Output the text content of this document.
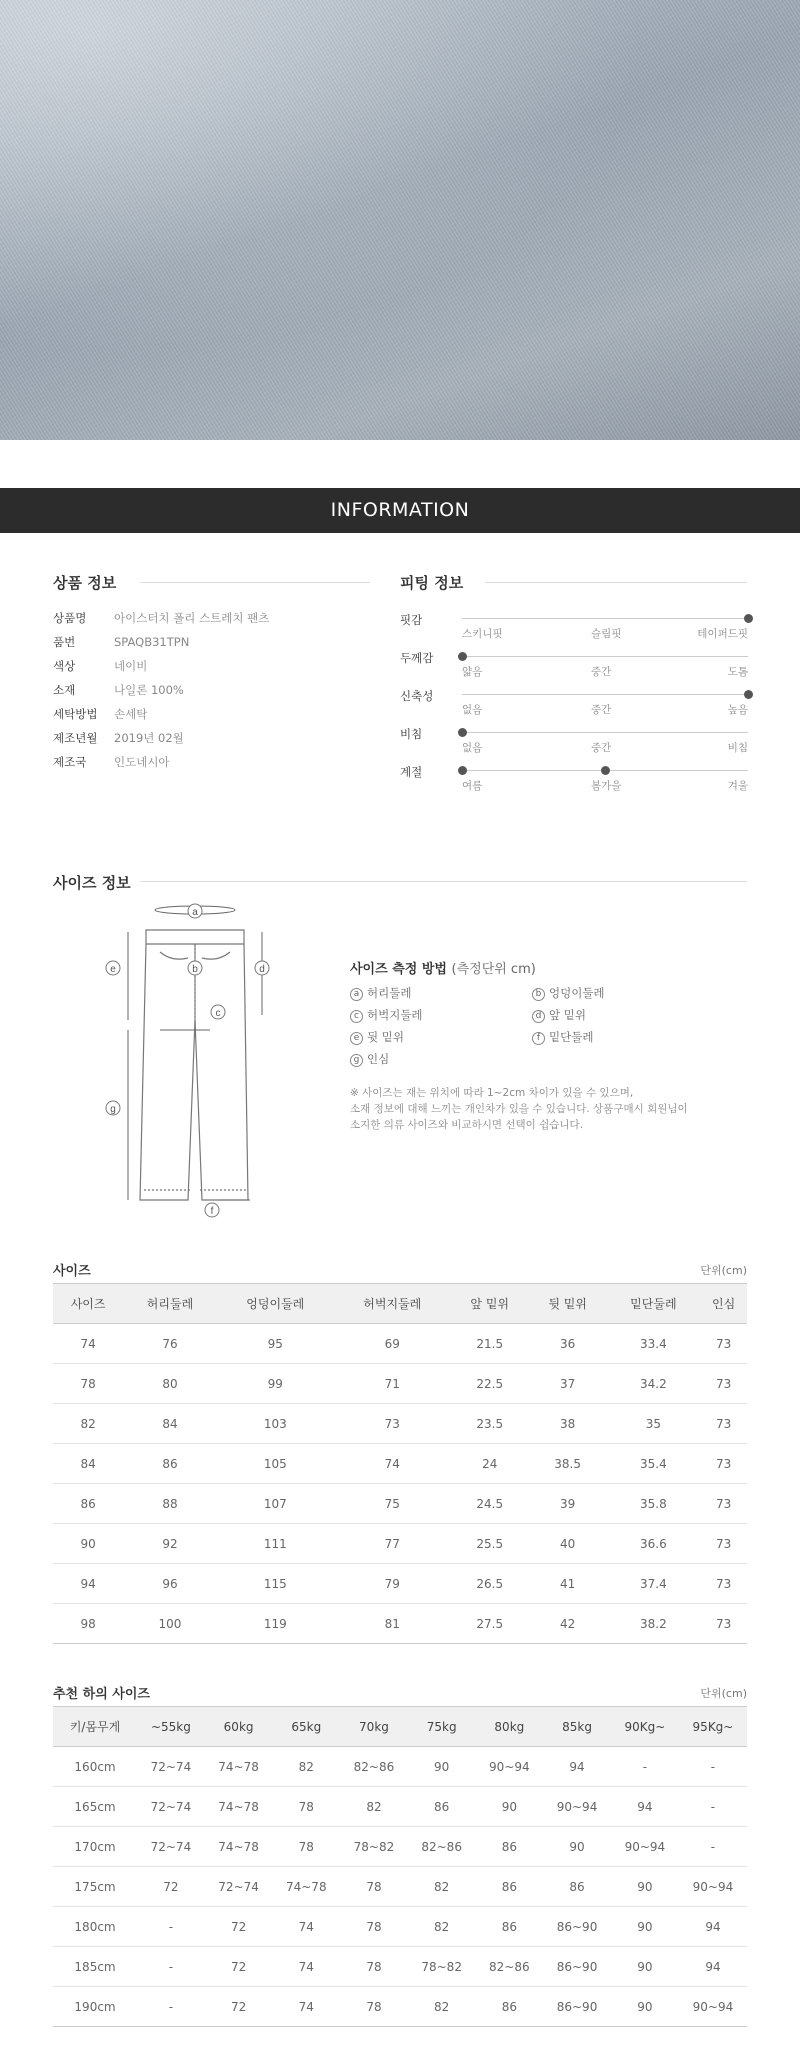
INFORMATION
상품 정보
상품명 아이스터치 폴리 스트레치 팬츠
품번	SPAQB31TPN
색상	네이비
소재	나일론 100%
세탁방법 손세탁
제조년월 2019년 02월
제조국 인도네시아
피팅 정보
핏감
스키니핏	슬림핏	테이퍼드핏
두께감
얇음	중간	도톰
신축성
없음	중간	높음
비침
없음	중간	비침
계절
여름	봄가을	겨울
사이즈 정보
a
b
c
d
e
f
g
사이즈 측정 방법 (측정단위 cm)
a 허리둘레	b 엉덩이둘레
c 허벅지둘레	d 앞 밑위
e 뒷 밑위	f 밑단둘레
g 인심
※ 사이즈는 재는 위치에 따라 1~2cm 차이가 있을 수 있으며,
소재 정보에 대해 느끼는 개인차가 있을 수 있습니다. 상품구매시 회원님이
소지한 의류 사이즈와 비교하시면 선택이 쉽습니다.
사이즈	단위(cm)
사이즈	허리둘레	엉덩이둘레	허벅지둘레	앞 밑위	뒷 밑위	밑단둘레	인심
74	76	95	69	21.5	36	33.4	73
78	80	99	71	22.5	37	34.2	73
82	84	103	73	23.5	38	35	73
84	86	105	74	24	38.5	35.4	73
86	88	107	75	24.5	39	35.8	73
90	92	111	77	25.5	40	36.6	73
94	96	115	79	26.5	41	37.4	73
98	100	119	81	27.5	42	38.2	73
추천 하의 사이즈	단위(cm)
키/몸무게	~55kg	60kg	65kg	70kg	75kg	80kg	85kg	90Kg~	95Kg~
160cm	72~74	74~78	82	82~86	90	90~94	94	-	-
165cm	72~74	74~78	78	82	86	90	90~94	94	-
170cm	72~74	74~78	78	78~82	82~86	86	90	90~94	-
175cm	72	72~74	74~78	78	82	86	86	90	90~94
180cm	-	72	74	78	82	86	86~90	90	94
185cm	-	72	74	78	78~82	82~86	86~90	90	94
190cm	-	72	74	78	82	86	86~90	90	90~94
